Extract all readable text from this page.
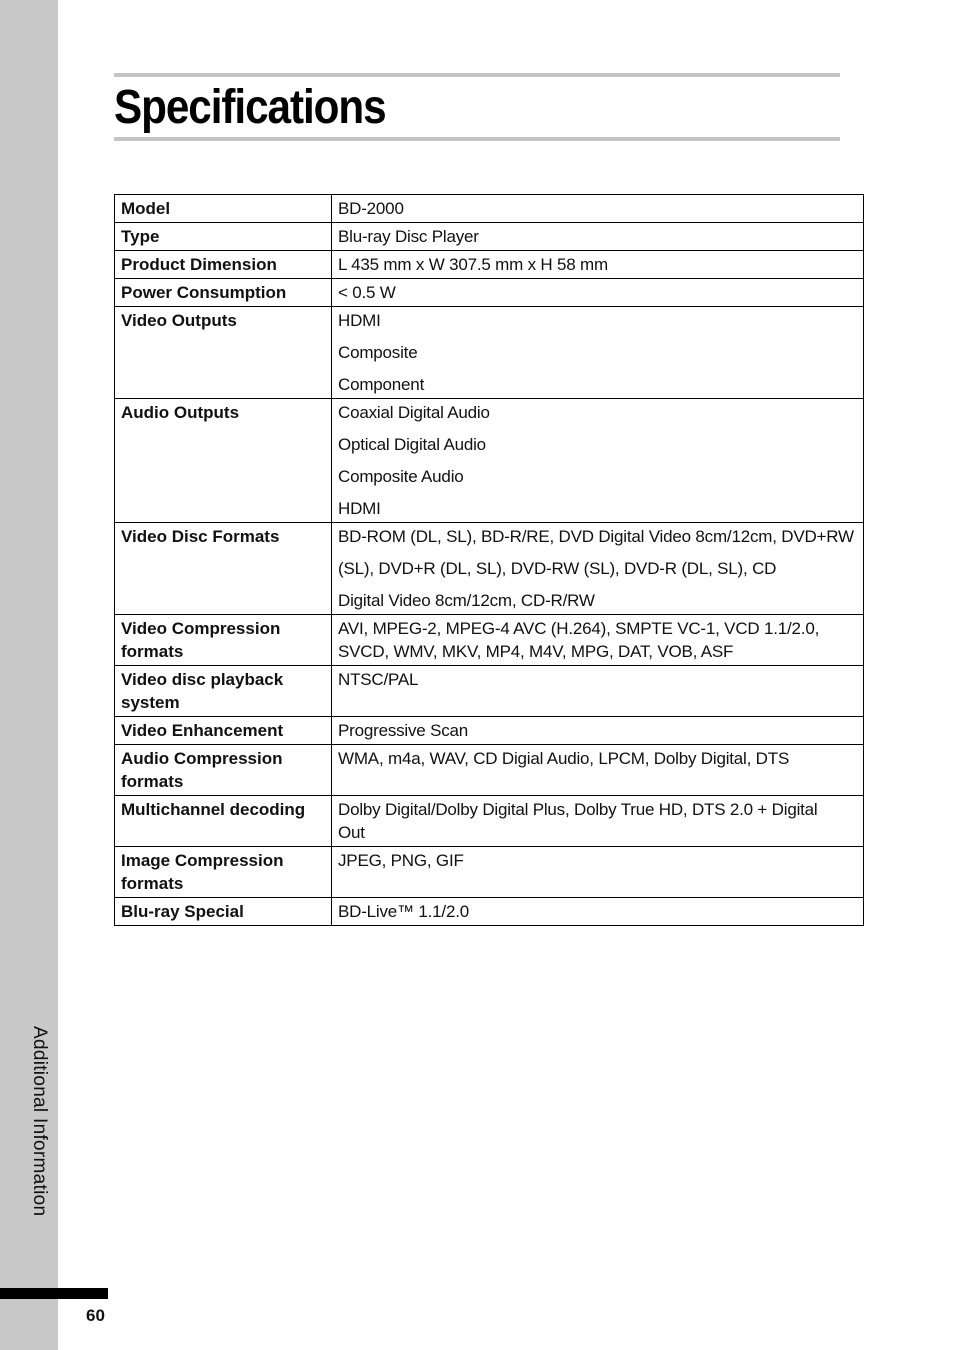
Additional Information
60
Specifications
Model	BD-2000

Type	Blu-ray Disc Player

Product Dimension	L 435 mm x W 307.5 mm x H 58 mm

Power Consumption	< 0.5 W

Video Outputs	HDMI
Composite
Component

Audio Outputs	Coaxial Digital Audio
Optical Digital Audio
Composite Audio
HDMI

Video Disc Formats	BD-ROM (DL, SL), BD-R/RE, DVD Digital Video 8cm/12cm, DVD+RW
(SL), DVD+R (DL, SL), DVD-RW (SL), DVD-R (DL, SL), CD
Digital Video 8cm/12cm, CD-R/RW

Video Compression formats	AVI, MPEG-2, MPEG-4 AVC (H.264), SMPTE VC-1, VCD 1.1/2.0,
SVCD, WMV, MKV, MP4, M4V, MPG, DAT, VOB, ASF

Video disc playback system	NTSC/PAL

Video Enhancement	Progressive Scan

Audio Compression formats	WMA, m4a, WAV, CD Digial Audio, LPCM, Dolby Digital, DTS

Multichannel decoding	Dolby Digital/Dolby Digital Plus, Dolby True HD, DTS 2.0 + Digital
Out

Image Compression formats	JPEG, PNG, GIF

Blu-ray Special	BD-Live™ 1.1/2.0
